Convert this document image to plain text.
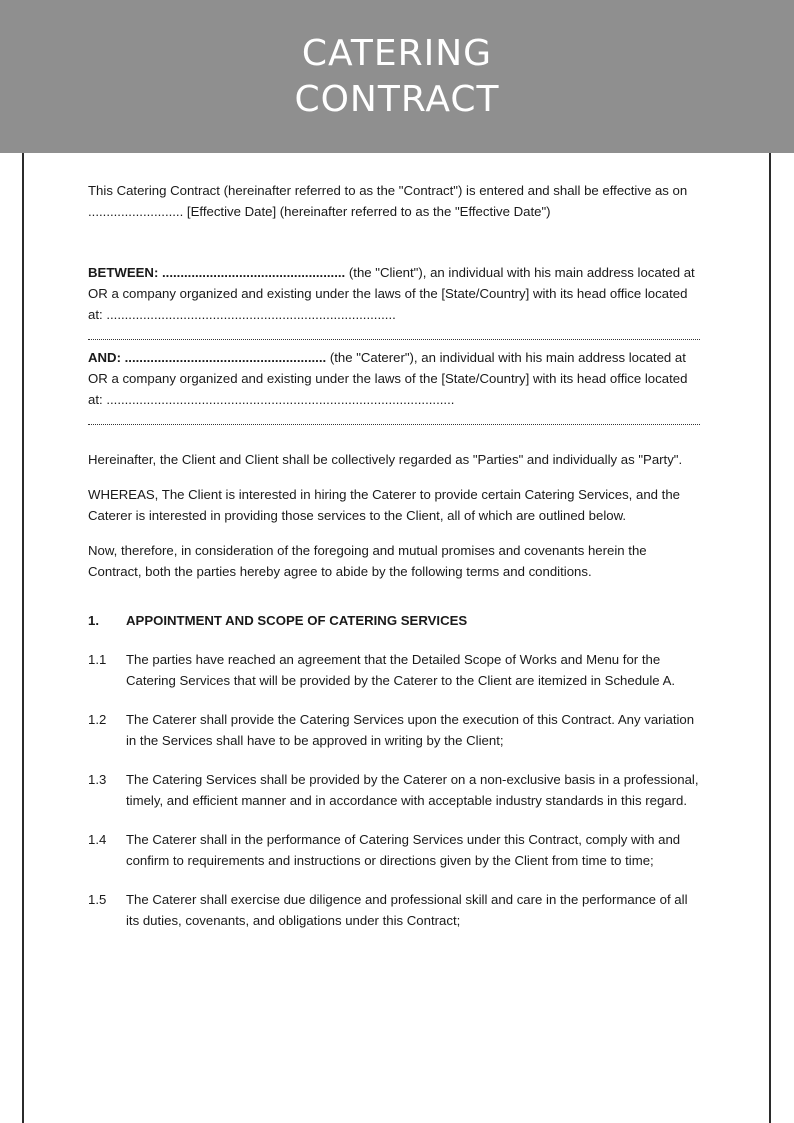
CATERING
CONTRACT

This Catering Contract (hereinafter referred to as the "Contract") is entered and shall be effective as on .......................... [Effective Date] (hereinafter referred to as the "Effective Date")

BETWEEN: .................................................. (the "Client"), an individual with his main address located at OR a company organized and existing under the laws of the [State/Country] with its head office located at: ...............................................................................

AND: ....................................................... (the "Caterer"), an individual with his main address located at OR a company organized and existing under the laws of the [State/Country] with its head office located at: ...............................................................................................

Hereinafter, the Client and Client shall be collectively regarded as "Parties" and individually as "Party".

WHEREAS, The Client is interested in hiring the Caterer to provide certain Catering Services, and the Caterer is interested in providing those services to the Client, all of which are outlined below.

Now, therefore, in consideration of the foregoing and mutual promises and covenants herein the Contract, both the parties hereby agree to abide by the following terms and conditions.

1.	APPOINTMENT AND SCOPE OF CATERING SERVICES
1.1	The parties have reached an agreement that the Detailed Scope of Works and Menu for the Catering Services that will be provided by the Caterer to the Client are itemized in Schedule A.
1.2	The Caterer shall provide the Catering Services upon the execution of this Contract. Any variation in the Services shall have to be approved in writing by the Client;
1.3	The Catering Services shall be provided by the Caterer on a non-exclusive basis in a professional, timely, and efficient manner and in accordance with acceptable industry standards in this regard.
1.4	The Caterer shall in the performance of Catering Services under this Contract, comply with and confirm to requirements and instructions or directions given by the Client from time to time;
1.5	The Caterer shall exercise due diligence and professional skill and care in the performance of all its duties, covenants, and obligations under this Contract;
